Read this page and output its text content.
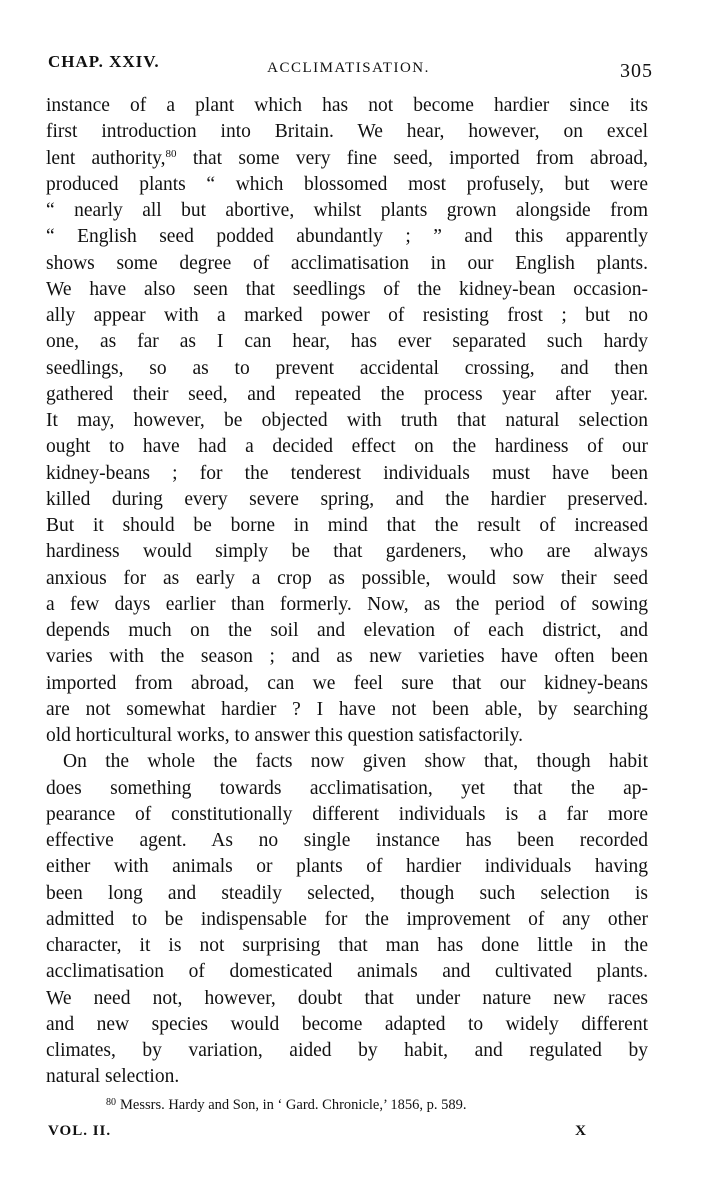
CHAP. XXIV.	ACCLIMATISATION.	305
instance of a plant which has not become hardier since its
first introduction into Britain. We hear, however, on excel
lent authority,$^{80}$ that some very fine seed, imported from abroad,
produced plants “ which blossomed most profusely, but were
“ nearly all but abortive, whilst plants grown alongside from
“ English seed podded abundantly ; ” and this apparently
shows some degree of acclimatisation in our English plants.
We have also seen that seedlings of the kidney-bean occasion-
ally appear with a marked power of resisting frost ; but no
one, as far as I can hear, has ever separated such hardy
seedlings, so as to prevent accidental crossing, and then
gathered their seed, and repeated the process year after year.
It may, however, be objected with truth that natural selection
ought to have had a decided effect on the hardiness of our
kidney-beans ; for the tenderest individuals must have been
killed during every severe spring, and the hardier preserved.
But it should be borne in mind that the result of increased
hardiness would simply be that gardeners, who are always
anxious for as early a crop as possible, would sow their seed
a few days earlier than formerly. Now, as the period of sowing
depends much on the soil and elevation of each district, and
varies with the season ; and as new varieties have often been
imported from abroad, can we feel sure that our kidney-beans
are not somewhat hardier ? I have not been able, by searching
old horticultural works, to answer this question satisfactorily.
On the whole the facts now given show that, though habit
does something towards acclimatisation, yet that the ap-
pearance of constitutionally different individuals is a far more
effective agent. As no single instance has been recorded
either with animals or plants of hardier individuals having
been long and steadily selected, though such selection is
admitted to be indispensable for the improvement of any other
character, it is not surprising that man has done little in the
acclimatisation of domesticated animals and cultivated plants.
We need not, however, doubt that under nature new races
and new species would become adapted to widely different
climates, by variation, aided by habit, and regulated by
natural selection.
$^{80}$ Messrs. Hardy and Son, in ‘ Gard. Chronicle,’ 1856, p. 589.
VOL. II.	X
